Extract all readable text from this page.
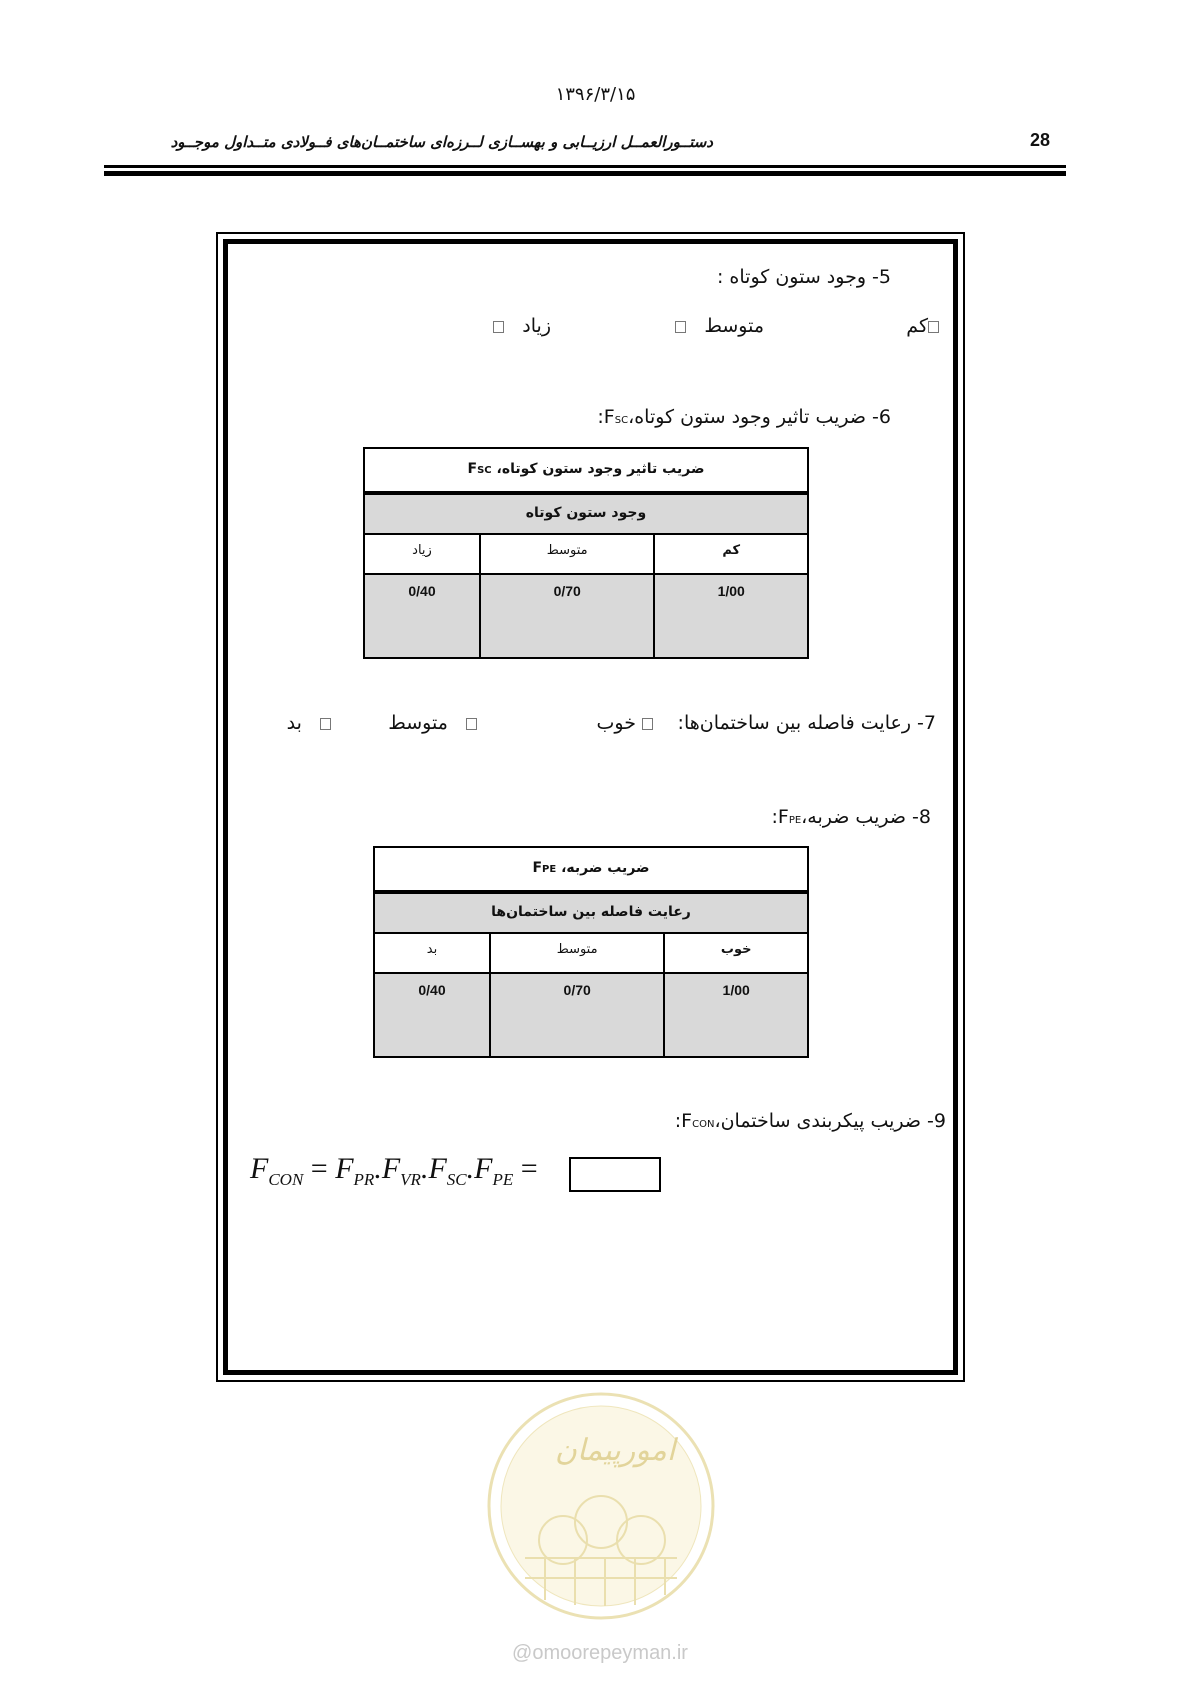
۱۳۹۶/۳/۱۵
28
دستــورالعمــل ارزیــابی و بهســازی لــرزه‌ای ساختمــان‌های فــولادی متــداول موجــود
5- وجود ستون کوتاه :
کم
متوسط
زیاد
6- ضریب تاثیر وجود ستون کوتاه،FSC:
ضریب تاثیر وجود ستون کوتاه، FSC		
وجود ستون کوتاه		
کم	متوسط	زیاد
1/00	0/70	0/40
7- رعایت فاصله بین ساختمان‌ها:
خوب
متوسط
بد
8- ضریب ضربه،FPE:
ضریب ضربه، FPE		
رعایت فاصله بین ساختمان‌ها		
خوب	متوسط	بد
1/00	0/70	0/40
9- ضریب پیکربندی ساختمان،FCON:
$F_{CON} = F_{PR}.F_{VR}.F_{SC}.F_{PE}$ =
امورپیمان
@omoorepeyman.ir
